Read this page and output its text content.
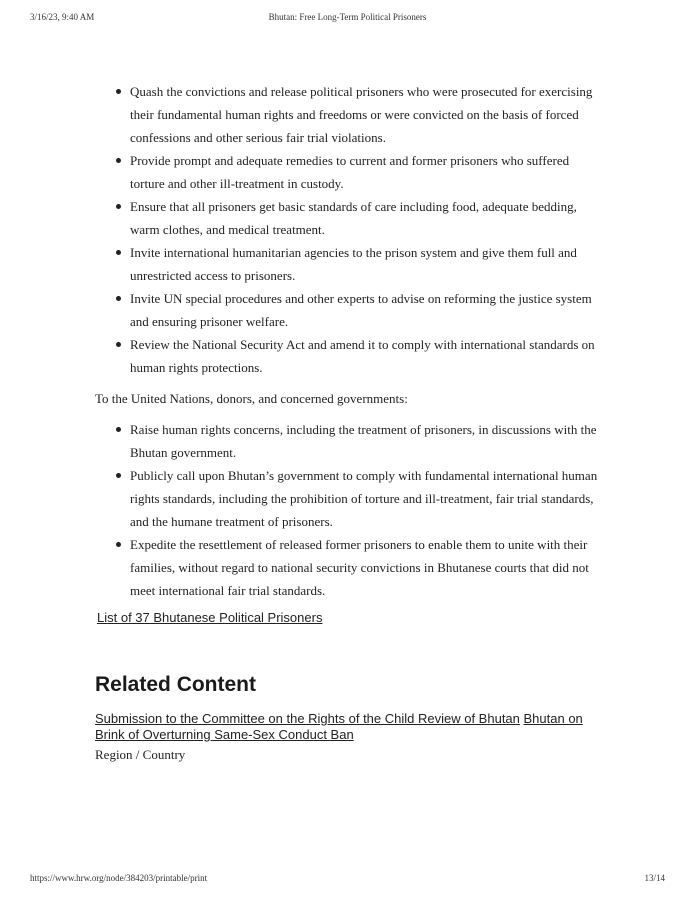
3/16/23, 9:40 AM	Bhutan: Free Long-Term Political Prisoners
Quash the convictions and release political prisoners who were prosecuted for exercising their fundamental human rights and freedoms or were convicted on the basis of forced confessions and other serious fair trial violations.
Provide prompt and adequate remedies to current and former prisoners who suffered torture and other ill-treatment in custody.
Ensure that all prisoners get basic standards of care including food, adequate bedding, warm clothes, and medical treatment.
Invite international humanitarian agencies to the prison system and give them full and unrestricted access to prisoners.
Invite UN special procedures and other experts to advise on reforming the justice system and ensuring prisoner welfare.
Review the National Security Act and amend it to comply with international standards on human rights protections.

To the United Nations, donors, and concerned governments:

Raise human rights concerns, including the treatment of prisoners, in discussions with the Bhutan government.
Publicly call upon Bhutan’s government to comply with fundamental international human rights standards, including the prohibition of torture and ill-treatment, fair trial standards, and the humane treatment of prisoners.
Expedite the resettlement of released former prisoners to enable them to unite with their families, without regard to national security convictions in Bhutanese courts that did not meet international fair trial standards.
List of 37 Bhutanese Political Prisoners
Related Content
Submission to the Committee on the Rights of the Child Review of Bhutan Bhutan on Brink of Overturning Same-Sex Conduct Ban
Region / Country
https://www.hrw.org/node/384203/printable/print	13/14
